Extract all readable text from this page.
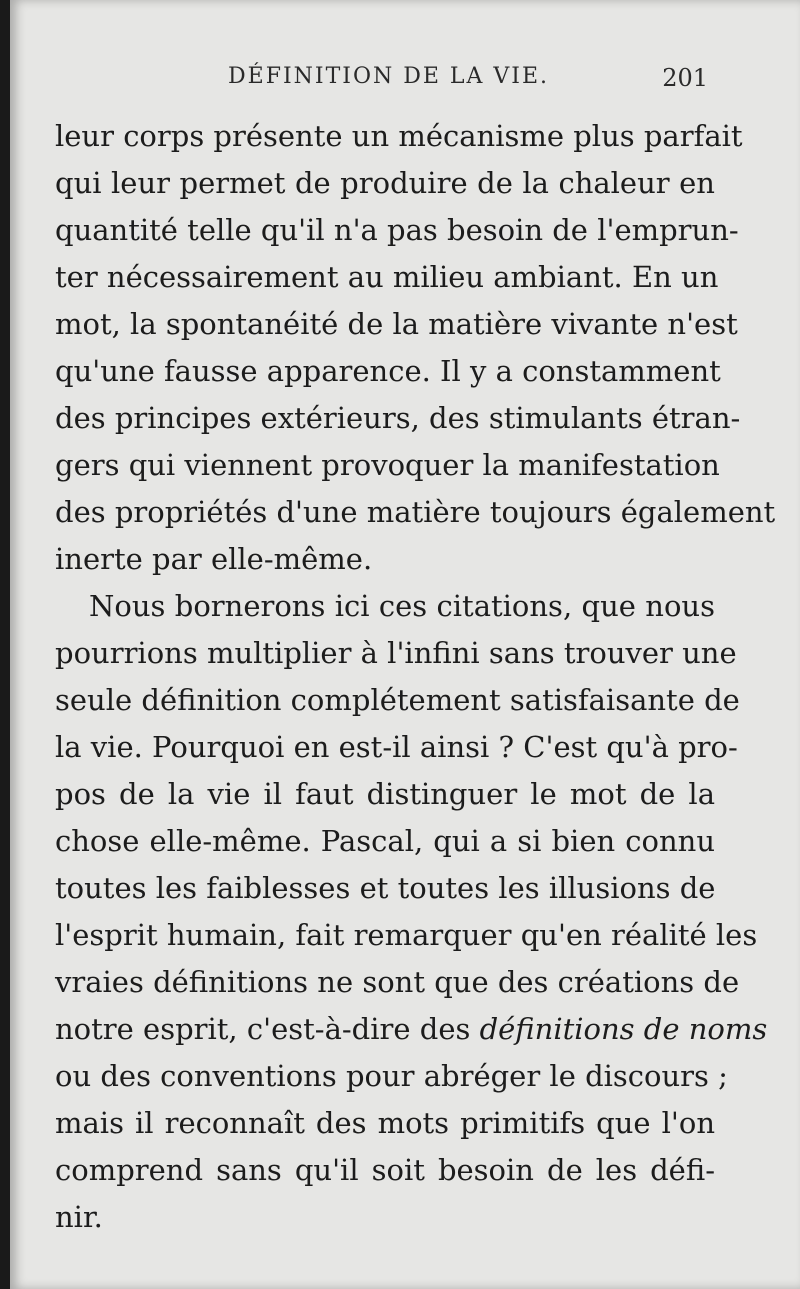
DÉFINITION DE LA VIE.	201
leur corps présente un mécanisme plus parfait
qui leur permet de produire de la chaleur en
quantité telle qu'il n'a pas besoin de l'emprun-
ter nécessairement au milieu ambiant. En un
mot, la spontanéité de la matière vivante n'est
qu'une fausse apparence. Il y a constamment
des principes extérieurs, des stimulants étran-
gers qui viennent provoquer la manifestation
des propriétés d'une matière toujours également
inerte par elle-même.
Nous bornerons ici ces citations, que nous
pourrions multiplier à l'infini sans trouver une
seule définition complétement satisfaisante de
la vie. Pourquoi en est-il ainsi ? C'est qu'à pro-
pos de la vie il faut distinguer le mot de la
chose elle-même. Pascal, qui a si bien connu
toutes les faiblesses et toutes les illusions de
l'esprit humain, fait remarquer qu'en réalité les
vraies définitions ne sont que des créations de
notre esprit, c'est-à-dire des définitions de noms
ou des conventions pour abréger le discours ;
mais il reconnaît des mots primitifs que l'on
comprend sans qu'il soit besoin de les défi-
nir.
